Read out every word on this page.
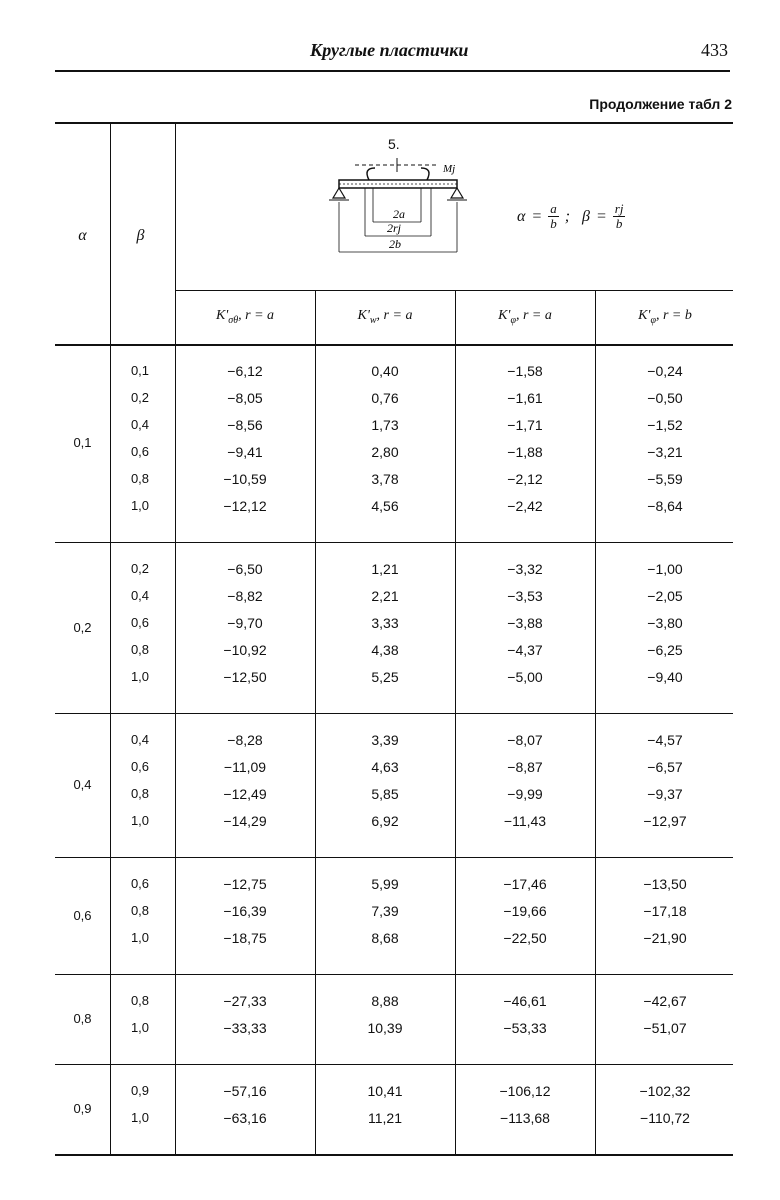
Круглые пластички	433
Продолжение табл 2
α	β
5.
2a
2rj
2b
Mj
$\alpha = \frac{a}{b}$ ; $\beta = \frac{rj}{b}$
$K'_{\sigma\theta}$, r = a	$K'_w$, r = a	$K'_\varphi$, r = a	$K'_\varphi$, r = b
0,1
0,1	−6,12	0,40	−1,58	−0,24
0,2	−8,05	0,76	−1,61	−0,50
0,4	−8,56	1,73	−1,71	−1,52
0,6	−9,41	2,80	−1,88	−3,21
0,8	−10,59	3,78	−2,12	−5,59
1,0	−12,12	4,56	−2,42	−8,64
0,2
0,2	−6,50	1,21	−3,32	−1,00
0,4	−8,82	2,21	−3,53	−2,05
0,6	−9,70	3,33	−3,88	−3,80
0,8	−10,92	4,38	−4,37	−6,25
1,0	−12,50	5,25	−5,00	−9,40
0,4
0,4	−8,28	3,39	−8,07	−4,57
0,6	−11,09	4,63	−8,87	−6,57
0,8	−12,49	5,85	−9,99	−9,37
1,0	−14,29	6,92	−11,43	−12,97
0,6
0,6	−12,75	5,99	−17,46	−13,50
0,8	−16,39	7,39	−19,66	−17,18
1,0	−18,75	8,68	−22,50	−21,90
0,8
0,8	−27,33	8,88	−46,61	−42,67
1,0	−33,33	10,39	−53,33	−51,07
0,9
0,9	−57,16	10,41	−106,12	−102,32
1,0	−63,16	11,21	−113,68	−110,72
